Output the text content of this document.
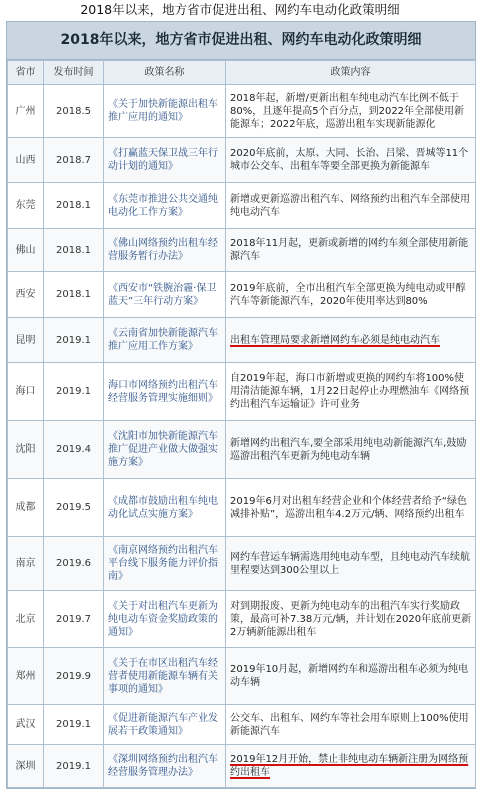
2018年以来，地方省市促进出租、网约车电动化政策明细
2018年以来，地方省市促进出租、网约车电动化政策明细
省市	发布时间	政策名称	政策内容
广州	2018.5	《关于加快新能源出租车推广应用的通知》	2018年起，新增/更新出租车纯电动汽车比例不低于80%，且逐年提高5个百分点，到2022年全部使用新能源车；2022年底，巡游出租车实现新能源化
山西	2018.7	《打赢蓝天保卫战三年行动计划的通知》	2020年底前，太原、大同、长治、吕梁、晋城等11个城市公交车、出租车等要全部更换为新能源车
东莞	2018.1	《东莞市推进公共交通纯电动化工作方案》	新增或更新巡游出租汽车、网络预约出租汽车全部使用纯电动汽车
佛山	2018.1	《佛山网络预约出租车经营服务暂行办法》	2018年11月起，更新或新增的网约车须全部使用新能源汽车
西安	2018.1	《西安市“铁腕治霾·保卫蓝天”三年行动方案》	2019年底前，全市出租汽车全部更换为纯电动或甲醇汽车等新能源汽车，2020年使用率达到80%
昆明	2019.1	《云南省加快新能源汽车推广应用工作方案》	出租车管理局要求新增网约车必须是纯电动汽车
海口	2019.1	海口市网络预约出租汽车经营服务管理实施细则》	自2019年起，海口市新增或更换的网约车将100%使用清洁能源车辆，1月22日起停止办理燃油车《网络预约出租汽车运输证》许可业务
沈阳	2019.4	《沈阳市加快新能源汽车推广促进产业做大做强实施方案》	新增网约出租汽车,要全部采用纯电动新能源汽车,鼓励巡游出租汽车更新为纯电动车辆
成都	2019.5	《成都市鼓励出租车纯电动化试点实施方案》	2019年6月对出租车经营企业和个体经营者给予“绿色减排补贴”，巡游出租车4.2万元/辆、网络预约出租车
南京	2019.6	《南京网络预约出租汽车平台线下服务能力评价指南》	网约车营运车辆需选用纯电动车型，且纯电动汽车续航里程要达到300公里以上
北京	2019.7	《关于对出租汽车更新为纯电动车资金奖励政策的通知》	对到期报废、更新为纯电动车的出租汽车实行奖励政策，最高可补7.38万元/辆，并计划在2020年底前更新2万辆新能源出租车
郑州	2019.9	《关于在市区出租汽车经营者使用新能源车辆有关事项的通知》	2019年10月起，新增网约车和巡游出租车必须为纯电动车辆
武汉	2019.1	《促进新能源汽车产业发展若干政策通知》	公交车、出租车、网约车等社会用车原则上100%使用新能源汽车
深圳	2019.1	《深圳网络预约出租汽车经营服务管理办法》	2019年12月开始，禁止非纯电动车辆新注册为网络预约出租车
